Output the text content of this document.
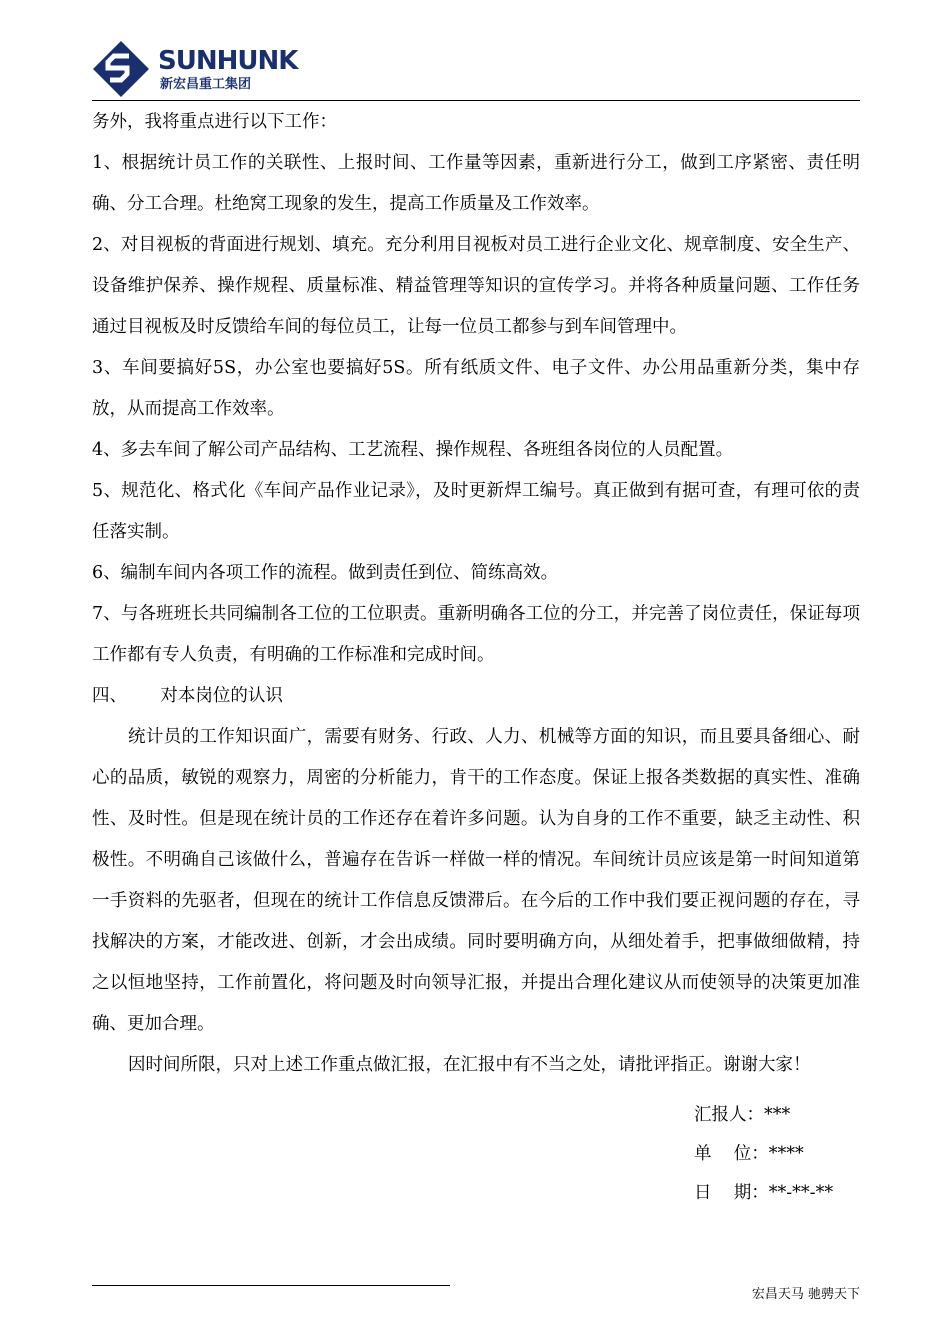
SUNHUNK
新宏昌重工集团

务外，我将重点进行以下工作：

1、根据统计员工作的关联性、上报时间、工作量等因素，重新进行分工，做到工序紧密、责任明确、分工合理。杜绝窝工现象的发生，提高工作质量及工作效率。

2、对目视板的背面进行规划、填充。充分利用目视板对员工进行企业文化、规章制度、安全生产、设备维护保养、操作规程、质量标准、精益管理等知识的宣传学习。并将各种质量问题、工作任务通过目视板及时反馈给车间的每位员工，让每一位员工都参与到车间管理中。

3、车间要搞好5S，办公室也要搞好5S。所有纸质文件、电子文件、办公用品重新分类，集中存放，从而提高工作效率。

4、多去车间了解公司产品结构、工艺流程、操作规程、各班组各岗位的人员配置。

5、规范化、格式化《车间产品作业记录》，及时更新焊工编号。真正做到有据可查，有理可依的责任落实制。

6、编制车间内各项工作的流程。做到责任到位、简练高效。

7、与各班班长共同编制各工位的工位职责。重新明确各工位的分工，并完善了岗位责任，保证每项工作都有专人负责，有明确的工作标准和完成时间。

四、      对本岗位的认识

统计员的工作知识面广，需要有财务、行政、人力、机械等方面的知识，而且要具备细心、耐心的品质，敏锐的观察力，周密的分析能力，肯干的工作态度。保证上报各类数据的真实性、准确性、及时性。但是现在统计员的工作还存在着许多问题。认为自身的工作不重要，缺乏主动性、积极性。不明确自己该做什么，普遍存在告诉一样做一样的情况。车间统计员应该是第一时间知道第一手资料的先驱者，但现在的统计工作信息反馈滞后。在今后的工作中我们要正视问题的存在，寻找解决的方案，才能改进、创新，才会出成绩。同时要明确方向，从细处着手，把事做细做精，持之以恒地坚持，工作前置化，将问题及时向领导汇报，并提出合理化建议从而使领导的决策更加准确、更加合理。

因时间所限，只对上述工作重点做汇报，在汇报中有不当之处，请批评指正。谢谢大家！

汇报人：***
单    位：****
日    期：**-**-**
宏昌天马 驰骋天下
